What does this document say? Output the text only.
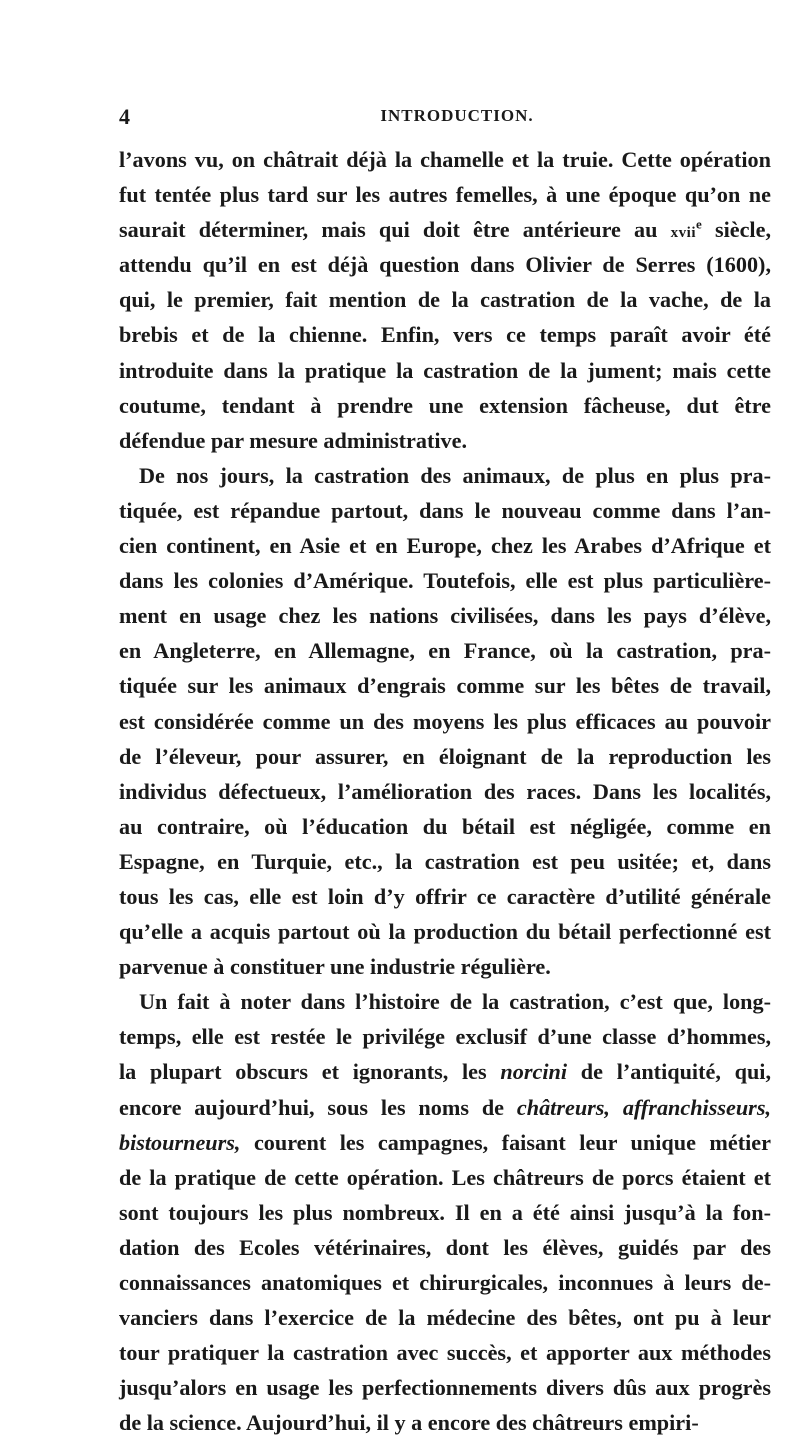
4	INTRODUCTION.
l’avons vu, on châtrait déjà la chamelle et la truie. Cette opération
fut tentée plus tard sur les autres femelles, à une époque qu’on ne
saurait déterminer, mais qui doit être antérieure au xvii$^e$ siècle,
attendu qu’il en est déjà question dans Olivier de Serres (1600),
qui, le premier, fait mention de la castration de la vache, de la
brebis et de la chienne. Enfin, vers ce temps paraît avoir été
introduite dans la pratique la castration de la jument; mais cette
coutume, tendant à prendre une extension fâcheuse, dut être
défendue par mesure administrative.
De nos jours, la castration des animaux, de plus en plus pra-
tiquée, est répandue partout, dans le nouveau comme dans l’an-
cien continent, en Asie et en Europe, chez les Arabes d’Afrique et
dans les colonies d’Amérique. Toutefois, elle est plus particulière-
ment en usage chez les nations civilisées, dans les pays d’élève,
en Angleterre, en Allemagne, en France, où la castration, pra-
tiquée sur les animaux d’engrais comme sur les bêtes de travail,
est considérée comme un des moyens les plus efficaces au pouvoir
de l’éleveur, pour assurer, en éloignant de la reproduction les
individus défectueux, l’amélioration des races. Dans les localités,
au contraire, où l’éducation du bétail est négligée, comme en
Espagne, en Turquie, etc., la castration est peu usitée; et, dans
tous les cas, elle est loin d’y offrir ce caractère d’utilité générale
qu’elle a acquis partout où la production du bétail perfectionné est
parvenue à constituer une industrie régulière.
Un fait à noter dans l’histoire de la castration, c’est que, long-
temps, elle est restée le privilége exclusif d’une classe d’hommes,
la plupart obscurs et ignorants, les norcini de l’antiquité, qui,
encore aujourd’hui, sous les noms de châtreurs, affranchisseurs,
bistourneurs, courent les campagnes, faisant leur unique métier
de la pratique de cette opération. Les châtreurs de porcs étaient et
sont toujours les plus nombreux. Il en a été ainsi jusqu’à la fon-
dation des Ecoles vétérinaires, dont les élèves, guidés par des
connaissances anatomiques et chirurgicales, inconnues à leurs de-
vanciers dans l’exercice de la médecine des bêtes, ont pu à leur
tour pratiquer la castration avec succès, et apporter aux méthodes
jusqu’alors en usage les perfectionnements divers dûs aux progrès
de la science. Aujourd’hui, il y a encore des châtreurs empiri-
